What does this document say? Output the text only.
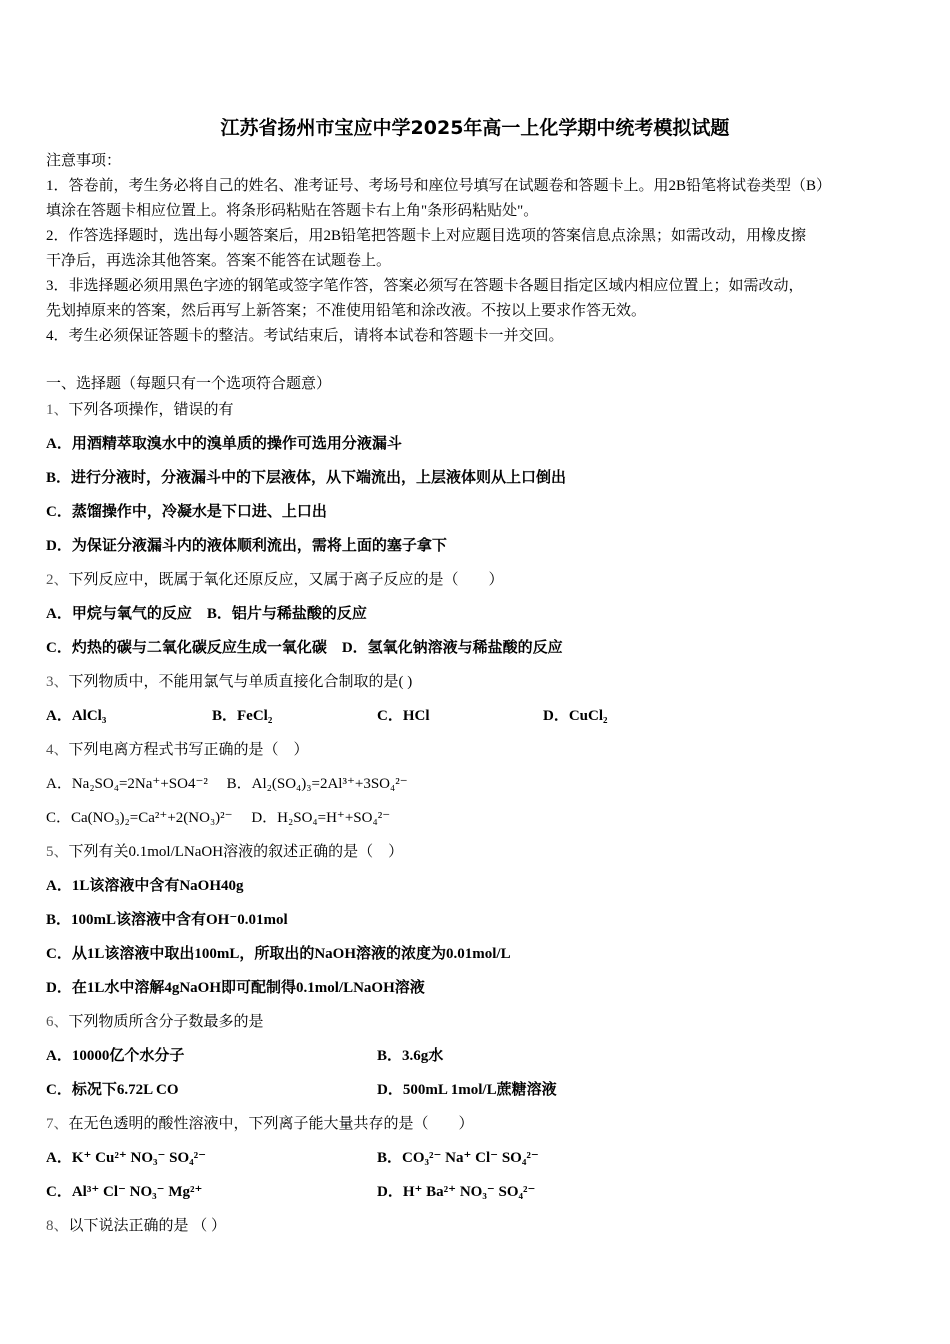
江苏省扬州市宝应中学2025年高一上化学期中统考模拟试题
注意事项：
1．答卷前，考生务必将自己的姓名、准考证号、考场号和座位号填写在试题卷和答题卡上。用2B铅笔将试卷类型（B）
填涂在答题卡相应位置上。将条形码粘贴在答题卡右上角"条形码粘贴处"。
2．作答选择题时，选出每小题答案后，用2B铅笔把答题卡上对应题目选项的答案信息点涂黑；如需改动，用橡皮擦
干净后，再选涂其他答案。答案不能答在试题卷上。
3．非选择题必须用黑色字迹的钢笔或签字笔作答，答案必须写在答题卡各题目指定区域内相应位置上；如需改动，
先划掉原来的答案，然后再写上新答案；不准使用铅笔和涂改液。不按以上要求作答无效。
4．考生必须保证答题卡的整洁。考试结束后，请将本试卷和答题卡一并交回。
一、选择题（每题只有一个选项符合题意）
1、下列各项操作，错误的有
A．用酒精萃取溴水中的溴单质的操作可选用分液漏斗
B．进行分液时，分液漏斗中的下层液体，从下端流出，上层液体则从上口倒出
C．蒸馏操作中，冷凝水是下口进、上口出
D．为保证分液漏斗内的液体顺利流出，需将上面的塞子拿下
2、下列反应中，既属于氧化还原反应，又属于离子反应的是（　　）
A．甲烷与氧气的反应　B．铝片与稀盐酸的反应
C．灼热的碳与二氧化碳反应生成一氧化碳　D．氢氧化钠溶液与稀盐酸的反应
3、下列物质中，不能用氯气与单质直接化合制取的是( )
A．AlCl₃	B．FeCl₂	C．HCl	D．CuCl₂
4、下列电离方程式书写正确的是（　）
A．Na₂SO₄=2Na⁺+SO4⁻² 　B．Al₂(SO₄)₃=2Al³⁺+3SO₄²⁻
C．Ca(NO₃)₂=Ca²⁺+2(NO₃)²⁻ 　D．H₂SO₄=H⁺+SO₄²⁻
5、下列有关0.1mol/LNaOH溶液的叙述正确的是（　）
A．1L该溶液中含有NaOH40g
B．100mL该溶液中含有OH⁻0.01mol
C．从1L该溶液中取出100mL，所取出的NaOH溶液的浓度为0.01mol/L
D．在1L水中溶解4gNaOH即可配制得0.1mol/LNaOH溶液
6、下列物质所含分子数最多的是
A．10000亿个水分子	B．3.6g水
C．标况下6.72L CO	D．500mL 1mol/L蔗糖溶液
7、在无色透明的酸性溶液中，下列离子能大量共存的是（　　）
A．K⁺ Cu²⁺ NO₃⁻ SO₄²⁻	B．CO₃²⁻ Na⁺ Cl⁻ SO₄²⁻
C．Al³⁺ Cl⁻ NO₃⁻ Mg²⁺	D．H⁺ Ba²⁺ NO₃⁻ SO₄²⁻
8、以下说法正确的是 （ ）
